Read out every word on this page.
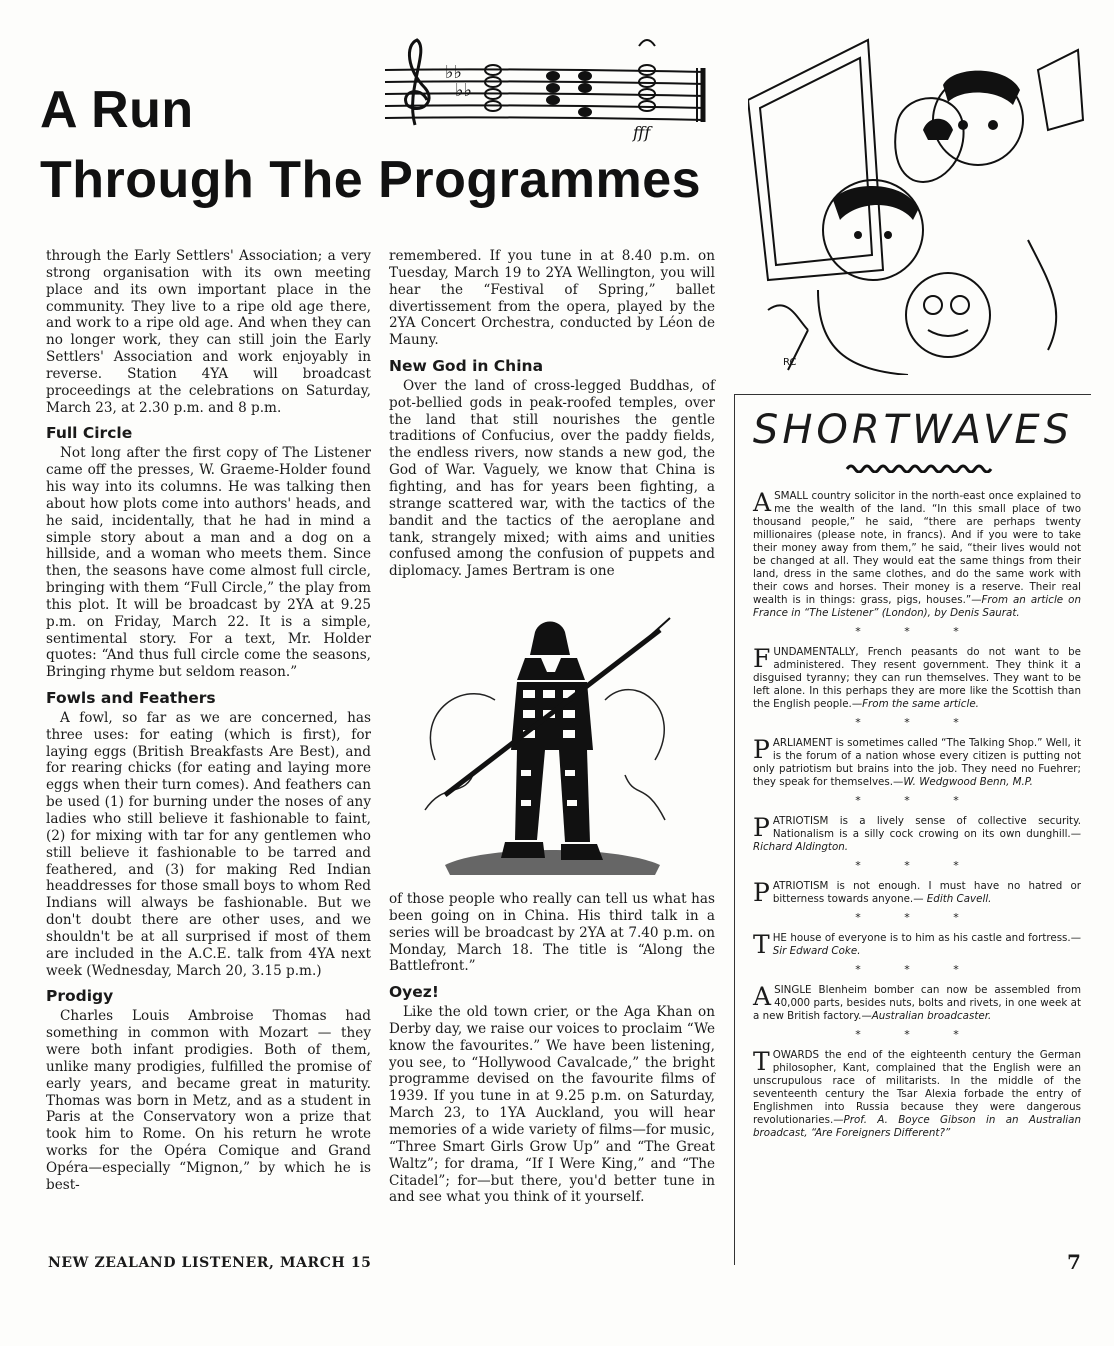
A Run
Through The Programmes
fff
♭♭
♭♭

through the Early Settlers' Association; a very strong organisation with its own meeting place and its own important place in the community. They live to a ripe old age there, and work to a ripe old age. And when they can no longer work, they can still join the Early Settlers' Association and work enjoyably in reverse. Station 4YA will broadcast proceedings at the celebrations on Saturday, March 23, at 2.30 p.m. and 8 p.m.

Full Circle

Not long after the first copy of The Listener came off the presses, W. Graeme-Holder found his way into its columns. He was talking then about how plots come into authors' heads, and he said, incidentally, that he had in mind a simple story about a man and a dog on a hillside, and a woman who meets them. Since then, the seasons have come almost full circle, bringing with them “Full Circle,” the play from this plot. It will be broadcast by 2YA at 9.25 p.m. on Friday, March 22. It is a simple, sentimental story. For a text, Mr. Holder quotes: “And thus full circle come the seasons, Bringing rhyme but seldom reason.”

Fowls and Feathers

A fowl, so far as we are concerned, has three uses: for eating (which is first), for laying eggs (British Breakfasts Are Best), and for rearing chicks (for eating and laying more eggs when their turn comes). And feathers can be used (1) for burning under the noses of any ladies who still believe it fashionable to faint, (2) for mixing with tar for any gentlemen who still believe it fashionable to be tarred and feathered, and (3) for making Red Indian headdresses for those small boys to whom Red Indians will always be fashionable. But we don't doubt there are other uses, and we shouldn't be at all surprised if most of them are included in the A.C.E. talk from 4YA next week (Wednesday, March 20, 3.15 p.m.)

Prodigy

Charles Louis Ambroise Thomas had something in common with Mozart — they were both infant prodigies. Both of them, unlike many prodigies, fulfilled the promise of early years, and became great in maturity. Thomas was born in Metz, and as a student in Paris at the Conservatory won a prize that took him to Rome. On his return he wrote works for the Opéra Comique and Grand Opéra—especially “Mignon,” by which he is best-

remembered. If you tune in at 8.40 p.m. on Tuesday, March 19 to 2YA Wellington, you will hear the “Festival of Spring,” ballet divertissement from the opera, played by the 2YA Concert Orchestra, conducted by Léon de Mauny.

New God in China

Over the land of cross-legged Buddhas, of pot-bellied gods in peak-roofed temples, over the land that still nourishes the gentle traditions of Confucius, over the paddy fields, the endless rivers, now stands a new god, the God of War. Vaguely, we know that China is fighting, and has for years been fighting, a strange scattered war, with the tactics of the bandit and the tactics of the aeroplane and tank, strangely mixed; with aims and unities confused among the confusion of puppets and diplomacy. James Bertram is one

of those people who really can tell us what has been going on in China. His third talk in a series will be broadcast by 2YA at 7.40 p.m. on Monday, March 18. The title is “Along the Battlefront.”

Oyez!

Like the old town crier, or the Aga Khan on Derby day, we raise our voices to proclaim “We know the favourites.” We have been listening, you see, to “Hollywood Cavalcade,” the bright programme devised on the favourite films of 1939. If you tune in at 9.25 p.m. on Saturday, March 23, to 1YA Auckland, you will hear memories of a wide variety of films—for music, “Three Smart Girls Grow Up” and “The Great Waltz”; for drama, “If I Were King,” and “The Citadel”; for—but there, you'd better tune in and see what you think of it yourself.

RC
SHORTWAVES

ASMALL country solicitor in the north-east once explained to me the wealth of the land. “In this small place of two thousand people,” he said, “there are perhaps twenty millionaires (please note, in francs). And if you were to take their money away from them,” he said, “their lives would not be changed at all. They would eat the same things from their land, dress in the same clothes, and do the same work with their cows and horses. Their money is a reserve. Their real wealth is in things: grass, pigs, houses.”—From an article on France in “The Listener” (London), by Denis Saurat.

* * *

FUNDAMENTALLY, French peasants do not want to be administered. They resent government. They think it a disguised tyranny; they can run themselves. They want to be left alone. In this perhaps they are more like the Scottish than the English people.—From the same article.

* * *

PARLIAMENT is sometimes called “The Talking Shop.” Well, it is the forum of a nation whose every citizen is putting not only patriotism but brains into the job. They need no Fuehrer; they speak for themselves.—W. Wedgwood Benn, M.P.

* * *

PATRIOTISM is a lively sense of collective security. Nationalism is a silly cock crowing on its own dunghill.—Richard Aldington.

* * *

PATRIOTISM is not enough. I must have no hatred or bitterness towards anyone.— Edith Cavell.

* * *

THE house of everyone is to him as his castle and fortress.—Sir Edward Coke.

* * *

ASINGLE Blenheim bomber can now be assembled from 40,000 parts, besides nuts, bolts and rivets, in one week at a new British factory.—Australian broadcaster.

* * *

TOWARDS the end of the eighteenth century the German philosopher, Kant, complained that the English were an unscrupulous race of militarists. In the middle of the seventeenth century the Tsar Alexia forbade the entry of Englishmen into Russia because they were dangerous revolutionaries.—Prof. A. Boyce Gibson in an Australian broadcast, “Are Foreigners Different?”

NEW ZEALAND LISTENER, MARCH 15	7
